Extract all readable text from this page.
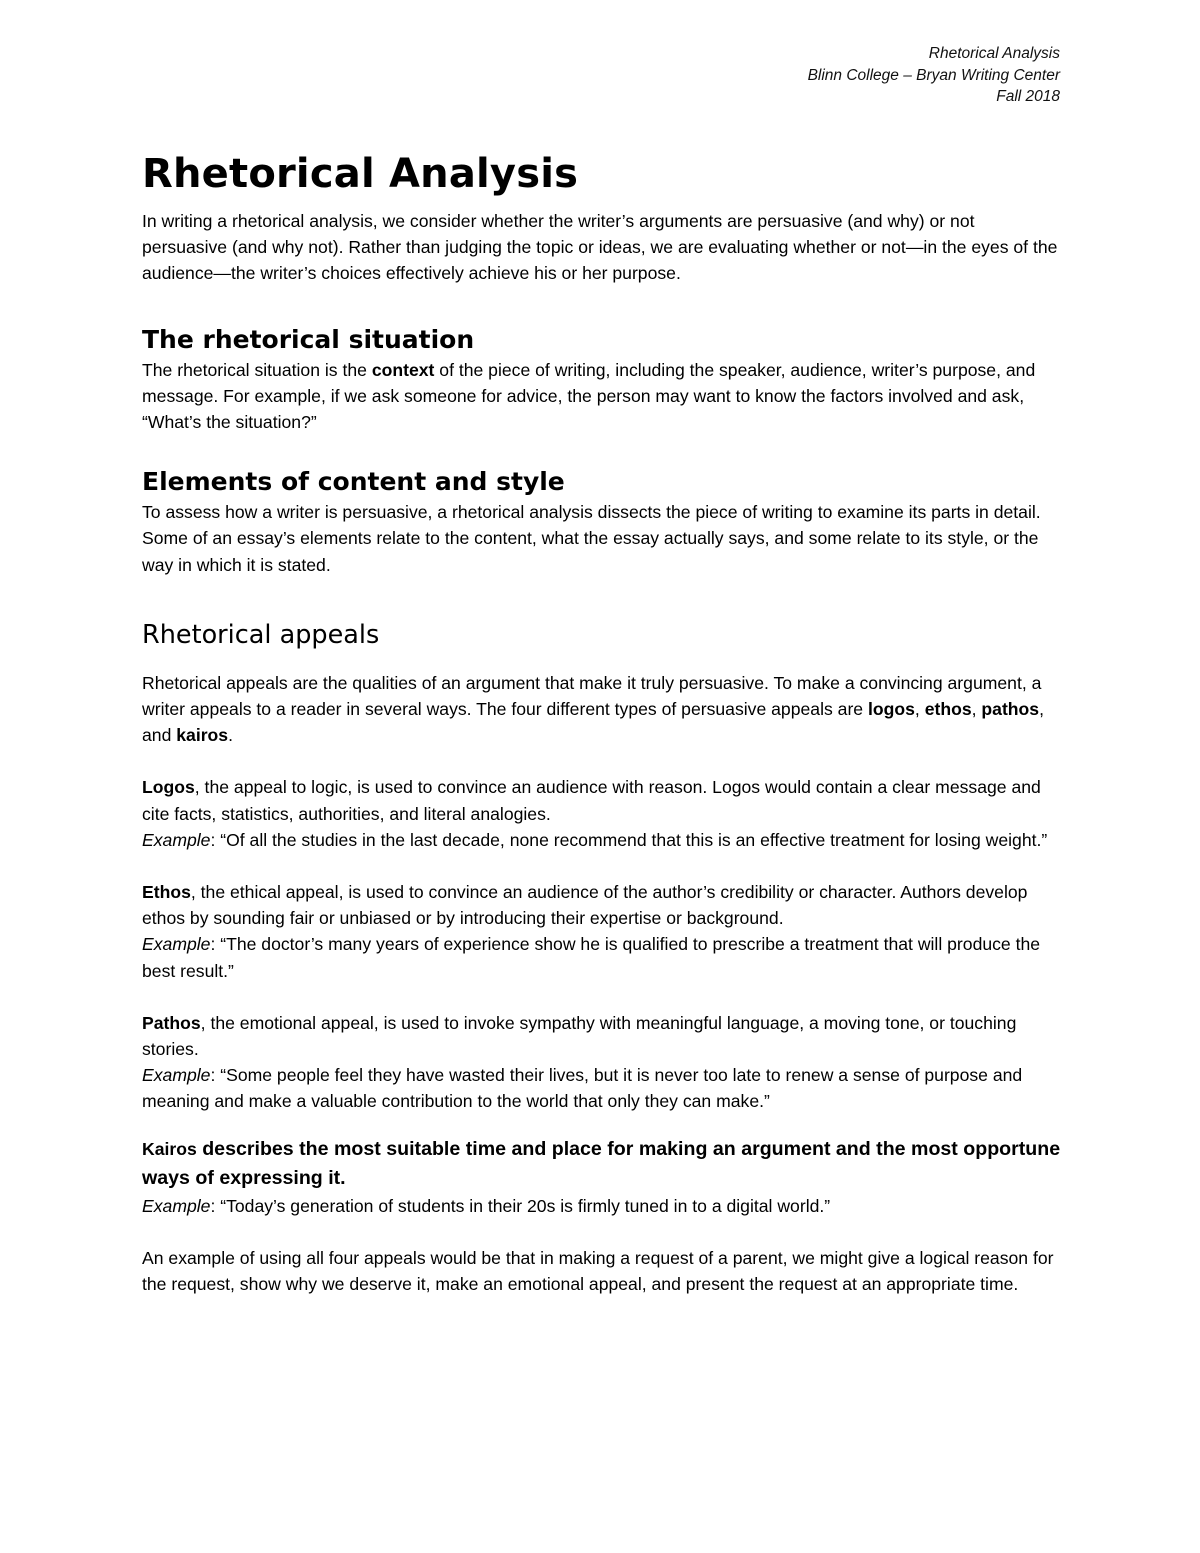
Rhetorical Analysis
Blinn College – Bryan Writing Center
Fall 2018
Rhetorical Analysis

In writing a rhetorical analysis, we consider whether the writer’s arguments are persuasive (and why) or not persuasive (and why not). Rather than judging the topic or ideas, we are evaluating whether or not—in the eyes of the audience—the writer’s choices effectively achieve his or her purpose.

The rhetorical situation

The rhetorical situation is the context of the piece of writing, including the speaker, audience, writer’s purpose, and message. For example, if we ask someone for advice, the person may want to know the factors involved and ask, “What’s the situation?”

Elements of content and style

To assess how a writer is persuasive, a rhetorical analysis dissects the piece of writing to examine its parts in detail. Some of an essay’s elements relate to the content, what the essay actually says, and some relate to its style, or the way in which it is stated.

Rhetorical appeals

Rhetorical appeals are the qualities of an argument that make it truly persuasive. To make a convincing argument, a writer appeals to a reader in several ways. The four different types of persuasive appeals are logos, ethos, pathos, and kairos.

Logos, the appeal to logic, is used to convince an audience with reason. Logos would contain a clear message and cite facts, statistics, authorities, and literal analogies.
Example: “Of all the studies in the last decade, none recommend that this is an effective treatment for losing weight.”

Ethos, the ethical appeal, is used to convince an audience of the author’s credibility or character. Authors develop ethos by sounding fair or unbiased or by introducing their expertise or background.
Example: “The doctor’s many years of experience show he is qualified to prescribe a treatment that will produce the best result.”

Pathos, the emotional appeal, is used to invoke sympathy with meaningful language, a moving tone, or touching stories.
Example: “Some people feel they have wasted their lives, but it is never too late to renew a sense of purpose and meaning and make a valuable contribution to the world that only they can make.”

Kairos describes the most suitable time and place for making an argument and the most opportune ways of expressing it.

Example: “Today’s generation of students in their 20s is firmly tuned in to a digital world.”

An example of using all four appeals would be that in making a request of a parent, we might give a logical reason for the request, show why we deserve it, make an emotional appeal, and present the request at an appropriate time.
